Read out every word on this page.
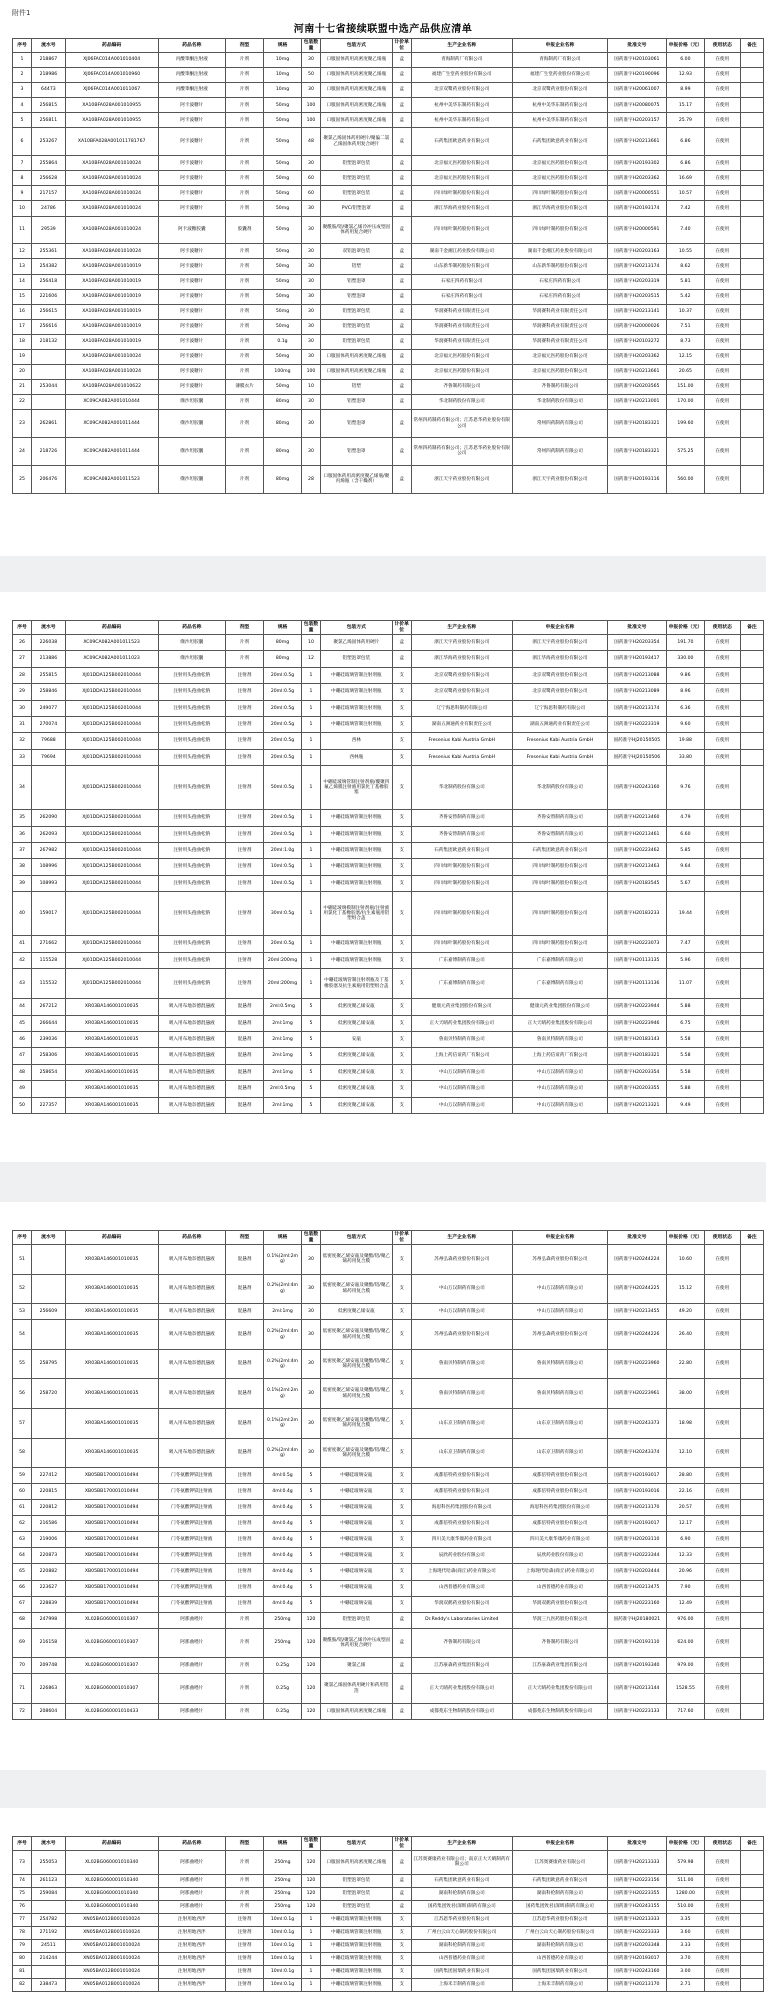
附件1
河南十七省接续联盟中选产品供应清单
序号	流水号	药品编码	药品名称	剂型	规格	包装数量	包装方式	计价单位	生产企业名称	申报企业名称	批准文号	申报价格（元）	使用状态	备注
1	218867	XJ06FAC014A001010404	丙酸睾酮注射液	片剂	10mg	30	口服固体药用高密度聚乙烯瓶	盒	青海制药厂有限公司	青海制药厂有限公司	国药准字H20103061	6.00	在使用	
2	218986	XJ06FAC014A001010960	丙酸睾酮注射液	片剂	10mg	50	口服固体药用高密度聚乙烯瓶	盒	福建广生堂药业股份有限公司	福建广生堂药业股份有限公司	国药准字H20190096	12.93	在使用	
3	64473	XJ06FAC014A001011067	丙酸睾酮注射液	片剂	10mg	30	口服固体药用高密度聚乙烯瓶	盒	北京双鹭药业股份有限公司	北京双鹭药业股份有限公司	国药准字H20061007	8.99	在使用	
4	256815	XA10BFA028A001010955	阿卡波糖片	片剂	50mg	100	口服固体药用高密度聚乙烯瓶	盒	杭州中美华东制药有限公司	杭州中美华东制药有限公司	国药准字H20080075	15.17	在使用	
5	256811	XA10BFA028A001010955	阿卡波糖片	片剂	50mg	100	口服固体药用高密度聚乙烯瓶	盒	杭州中美华东制药有限公司	杭州中美华东制药有限公司	国药准字H20203157	25.79	在使用	
6	253267	XA10BFA028A001011781767	阿卡波糖片	片剂	50mg	48	聚氯乙烯固体药用硬片/聚偏二氯乙烯固体药用复合硬片	盒	石药集团欧意药业有限公司	石药集团欧意药业有限公司	国药准字H20213661	6.86	在使用	
7	255864	XA10BFA028A001010024	阿卡波糖片	片剂	50mg	30	铝塑泡罩包装	盒	北京福元医药股份有限公司	北京福元医药股份有限公司	国药准字H20193302	6.86	在使用	
8	256628	XA10BFA028A001010024	阿卡波糖片	片剂	50mg	60	铝塑泡罩包装	盒	北京福元医药股份有限公司	北京福元医药股份有限公司	国药准字H20203362	16.69	在使用	
9	217157	XA10BFA028A001010024	阿卡波糖片	片剂	50mg	60	铝塑泡罩包装	盒	四川绿叶制药股份有限公司	四川绿叶制药股份有限公司	国药准字H20000551	10.57	在使用	
10	24786	XA10BFA028A001010024	阿卡波糖片	片剂	50mg	30	PVC/铝塑泡罩	盒	浙江华海药业股份有限公司	浙江华海药业股份有限公司	国药准字H20193174	7.42	在使用	
11	29539	XA10BFA028A001010024	阿卡波糖胶囊	胶囊剂	50mg	30	聚酰胺/铝/聚氯乙烯冷冲压成型固体药用复合硬片	盒	四川绿叶制药股份有限公司	四川绿叶制药股份有限公司	国药准字H20000591	7.40	在使用	
12	255361	XA10BFA028A001010024	阿卡波糖片	片剂	50mg	30	双铝泡罩包装	盒	湖南千金湘江药业股份有限公司	湖南千金湘江药业股份有限公司	国药准字H20203163	10.55	在使用	
13	254382	XA10BFA028A001010019	阿卡波糖片	片剂	50mg	30	铝塑	盒	山东新华制药股份有限公司	山东新华制药股份有限公司	国药准字H20213174	8.62	在使用	
14	256418	XA10BFA028A001010019	阿卡波糖片	片剂	50mg	30	铝塑泡罩	盒	石家庄四药有限公司	石家庄四药有限公司	国药准字H20203319	5.81	在使用	
15	221606	XA10BFA028A001010019	阿卡波糖片	片剂	50mg	30	铝塑泡罩	盒	石家庄四药有限公司	石家庄四药有限公司	国药准字H20203515	5.42	在使用	
16	256615	XA10BFA028A001010019	阿卡波糖片	片剂	50mg	30	铝塑泡罩包装	盒	华润赛科药业有限责任公司	华润赛科药业有限责任公司	国药准字H20213141	10.37	在使用	
17	256616	XA10BFA028A001010019	阿卡波糖片	片剂	50mg	30	铝塑泡罩包装	盒	华润赛科药业有限责任公司	华润赛科药业有限责任公司	国药准字H20000026	7.51	在使用	
18	218132	XA10BFA028A001010019	阿卡波糖片	片剂	0.1g	30	铝塑泡罩包装	盒	华润赛科药业有限责任公司	华润赛科药业有限责任公司	国药准字H20103272	8.73	在使用	
19		XA10BFA028A001010024	阿卡波糖片	片剂	50mg	30	口服固体药用高密度聚乙烯瓶	盒	北京福元医药股份有限公司	北京福元医药股份有限公司	国药准字H20203362	12.15	在使用	
20		XA10BFA028A001010024	阿卡波糖片	片剂	100mg	100	口服固体药用高密度聚乙烯瓶	盒	北京福元医药股份有限公司	北京福元医药股份有限公司	国药准字H20213661	20.65	在使用	
21	253044	XA10BFA028A001010622	阿卡波糖片	薄膜衣片	50mg	10	铝塑	盒	齐鲁制药有限公司	齐鲁制药有限公司	国药准字H20203565	151.00	在使用	
22		XC09CA082A001010444	缬沙坦胶囊	片剂	80mg	30	铝塑泡罩	盒	华北制药股份有限公司	华北制药股份有限公司	国药准字H20213001	170.00	在使用	
23	262861	XC09CA082A001011444	缬沙坦胶囊	片剂	80mg	30	铝塑泡罩	盒	常州四药制药有限公司；江苏恩华药业股份有限公司	常州四药制药有限公司	国药准字H20183321	199.60	在使用	
24	218726	XC09CA082A001011444	缬沙坦胶囊	片剂	80mg	30	铝塑泡罩	盒	常州四药制药有限公司；江苏恩华药业股份有限公司	常州四药制药有限公司	国药准字H20183321	575.25	在使用	
25	206476	XC09CA082A001011523	缬沙坦胶囊	片剂	80mg	28	口服固体药用高密度聚乙烯瓶/聚丙烯瓶（含干燥剂）	盒	浙江天宇药业股份有限公司	浙江天宇药业股份有限公司	国药准字H20193116	560.00	在使用	
序号	流水号	药品编码	药品名称	剂型	规格	包装数量	包装方式	计价单位	生产企业名称	申报企业名称	批准文号	申报价格（元）	使用状态	备注
26	226038	XC09CA082A001011523	缬沙坦胶囊	片剂	80mg	10	聚氯乙烯固体药用硬片	盒	浙江天宇药业股份有限公司	浙江天宇药业股份有限公司	国药准字H20203354	191.70	在使用	
27	213886	XC09CA082A001011023	缬沙坦胶囊	片剂	80mg	12	铝塑泡罩包装	盒	浙江华海药业股份有限公司	浙江华海药业股份有限公司	国药准字H20193417	330.00	在使用	
28	255815	XJ01DDA125B002010044	注射用头孢曲松钠	注射剂	20ml:0.5g	1	中硼硅玻璃管制注射剂瓶	支	北京双鹭药业股份有限公司	北京双鹭药业股份有限公司	国药准字H20213088	9.86	在使用	
29	258846	XJ01DDA125B002010044	注射用头孢曲松钠	注射剂	20ml:0.5g	1	中硼硅玻璃管制注射剂瓶	支	北京双鹭药业股份有限公司	北京双鹭药业股份有限公司	国药准字H20213089	8.96	在使用	
30	249077	XJ01DDA125B002010044	注射用头孢曲松钠	注射剂	20ml:0.5g	1	中硼硅玻璃管制注射剂瓶	支	辽宁海思科制药有限公司	辽宁海思科制药有限公司	国药准字H20213174	6.36	在使用	
31	270074	XJ01DDA125B002010044	注射用头孢曲松钠	注射剂	20ml:0.5g	1	中硼硅玻璃管制注射剂瓶	支	湖南五洲通药业有限责任公司	湖南五洲通药业有限责任公司	国药准字H20223319	9.60	在使用	
32	79688	XJ01DDA125B002010044	注射用头孢曲松钠	注射剂	20ml:0.5g	1	西林	支	Fresenius Kabi Austria GmbH	Fresenius Kabi Austria GmbH	国药准字HJ20150505	19.88	在使用	
33	79694	XJ01DDA125B002010044	注射用头孢曲松钠	注射剂	20ml:0.5g	1	西林瓶	支	Fresenius Kabi Austria GmbH	Fresenius Kabi Austria GmbH	国药准字HJ20150506	33.80	在使用	
34		XJ01DDA125B002010044	注射用头孢曲松钠	注射剂	50ml:0.5g	1	中硼硅玻璃管制注射剂瓶/覆聚四氟乙烯膜注射液用氯化丁基橡胶塞	支	华北制药股份有限公司	华北制药股份有限公司	国药准字H20243160	9.76	在使用	
35	262090	XJ01DDA125B002010044	注射用头孢曲松钠	注射剂	20ml:0.5g	1	中硼硅玻璃管制注射剂瓶	支	齐鲁安替制药有限公司	齐鲁安替制药有限公司	国药准字H20213460	4.79	在使用	
36	262093	XJ01DDA125B002010044	注射用头孢曲松钠	注射剂	20ml:0.5g	1	中硼硅玻璃管制注射剂瓶	支	齐鲁安替制药有限公司	齐鲁安替制药有限公司	国药准字H20213461	6.60	在使用	
37	267982	XJ01DDA125B002010044	注射用头孢曲松钠	注射剂	20ml:1.0g	1	中硼硅玻璃管制注射剂瓶	支	石药集团欧意药业有限公司	石药集团欧意药业有限公司	国药准字H20223462	5.85	在使用	
38	108996	XJ01DDA125B002010044	注射用头孢曲松钠	注射剂	10ml:0.5g	1	中硼硅玻璃管制注射剂瓶	支	四川绿叶制药股份有限公司	四川绿叶制药股份有限公司	国药准字H20213463	9.64	在使用	
39	108993	XJ01DDA125B002010044	注射用头孢曲松钠	注射剂	10ml:0.5g	1	中硼硅玻璃管制注射剂瓶	支	四川绿叶制药股份有限公司	四川绿叶制药股份有限公司	国药准字H20183545	5.67	在使用	
40	159017	XJ01DDA125B002010044	注射用头孢曲松钠	注射剂	30ml:0.5g	1	中硼硅玻璃模制注射剂瓶/注射液用氯化丁基橡胶塞/抗生素瓶用铝塑组合盖	支	四川绿叶制药股份有限公司	四川绿叶制药股份有限公司	国药准字H20183233	19.44	在使用	
41	271662	XJ01DDA125B002010044	注射用头孢曲松钠	注射剂	20ml:0.5g	1	中硼硅玻璃管制注射剂瓶	支	四川绿叶制药股份有限公司	四川绿叶制药股份有限公司	国药准字H20223073	7.47	在使用	
42	115528	XJ01DDA125B002010044	注射用头孢曲松钠	注射剂	20ml:200mg	1	中硼硅玻璃管制注射剂瓶	支	广东嘉博制药有限公司	广东嘉博制药有限公司	国药准字H20113135	5.96	在使用	
43	115532	XJ01DDA125B002010044	注射用头孢曲松钠	注射剂	20ml:200mg	1	中硼硅玻璃管制注射剂瓶及丁基橡胶塞及抗生素瓶用铝塑组合盖	支	广东嘉博制药有限公司	广东嘉博制药有限公司	国药准字H20113136	11.07	在使用	
44	267212	XR03BA146001010035	吸入用布地奈德混悬液	混悬剂	2ml:0.5mg	5	低密度聚乙烯安瓿	支	健康元药业集团股份有限公司	健康元药业集团股份有限公司	国药准字H20223944	5.88	在使用	
45	266644	XR03BA146001010035	吸入用布地奈德混悬液	混悬剂	2ml:1mg	5	低密度聚乙烯安瓿	支	正大天晴药业集团股份有限公司	正大天晴药业集团股份有限公司	国药准字H20223946	6.75	在使用	
46	239036	XR03BA146001010035	吸入用布地奈德混悬液	混悬剂	2ml:1mg	5	安瓿	支	鲁南贝特制药有限公司	鲁南贝特制药有限公司	国药准字H20183143	5.58	在使用	
47	258306	XR03BA146001010035	吸入用布地奈德混悬液	混悬剂	2ml:1mg	5	低密度聚乙烯安瓿	支	上海上药信谊药厂有限公司	上海上药信谊药厂有限公司	国药准字H20183321	5.58	在使用	
48	258654	XR03BA146001010035	吸入用布地奈德混悬液	混悬剂	2ml:1mg	5	低密度聚乙烯安瓿	支	中山万汉制药有限公司	中山万汉制药有限公司	国药准字H20203354	5.58	在使用	
49		XR03BA146001010035	吸入用布地奈德混悬液	混悬剂	2ml:0.5mg	5	低密度聚乙烯安瓿	支	中山万汉制药有限公司	中山万汉制药有限公司	国药准字H20203355	5.88	在使用	
50	227357	XR03BA146001010035	吸入用布地奈德混悬液	混悬剂	2ml:1mg	5	低密度聚乙烯安瓿	支	中山万汉制药有限公司	中山万汉制药有限公司	国药准字H20213321	9.49	在使用	
序号	流水号	药品编码	药品名称	剂型	规格	包装数量	包装方式	计价单位	生产企业名称	申报企业名称	批准文号	申报价格（元）	使用状态	备注
51		XR03BA146001010035	吸入用布地奈德混悬液	混悬剂	0.1%(2ml:2mg)	30	低密度聚乙烯安瓿及聚酯/铝/聚乙烯药用复合膜	支	苏州弘森药业股份有限公司	苏州弘森药业股份有限公司	国药准字H20244224	10.60	在使用	
52		XR03BA146001010035	吸入用布地奈德混悬液	混悬剂	0.2%(2ml:4mg)	30	低密度聚乙烯安瓿及聚酯/铝/聚乙烯药用复合膜	支	中山万汉制药有限公司	中山万汉制药有限公司	国药准字H20244225	15.12	在使用	
53	256609	XR03BA146001010035	吸入用布地奈德混悬液	混悬剂	2ml:1mg	30	低密度聚乙烯安瓿	支	中山万汉制药有限公司	中山万汉制药有限公司	国药准字H20213455	49.20	在使用	
54		XR03BA146001010035	吸入用布地奈德混悬液	混悬剂	0.2%(2ml:4mg)	30	低密度聚乙烯安瓿及聚酯/铝/聚乙烯药用复合膜	支	苏州弘森药业股份有限公司	苏州弘森药业股份有限公司	国药准字H20244226	26.40	在使用	
55	258795	XR03BA146001010035	吸入用布地奈德混悬液	混悬剂	0.2%(2ml:4mg)	30	低密度聚乙烯安瓿及聚酯/铝/聚乙烯药用复合膜	支	鲁南贝特制药有限公司	鲁南贝特制药有限公司	国药准字H20223960	22.80	在使用	
56	258720	XR03BA146001010035	吸入用布地奈德混悬液	混悬剂	0.1%(2ml:2mg)	30	低密度聚乙烯安瓿及聚酯/铝/聚乙烯药用复合膜	支	鲁南贝特制药有限公司	鲁南贝特制药有限公司	国药准字H20223961	38.00	在使用	
57		XR03BA146001010035	吸入用布地奈德混悬液	混悬剂	0.1%(2ml:2mg)	30	低密度聚乙烯安瓿及聚酯/铝/聚乙烯药用复合膜	支	山东京卫制药有限公司	山东京卫制药有限公司	国药准字H20243373	18.98	在使用	
58		XR03BA146001010035	吸入用布地奈德混悬液	混悬剂	0.2%(2ml:4mg)	30	低密度聚乙烯安瓿及聚酯/铝/聚乙烯药用复合膜	支	山东京卫制药有限公司	山东京卫制药有限公司	国药准字H20243374	12.10	在使用	
59	227412	XB05BB170001010494	门冬氨酸钾镁注射液	注射剂	4ml:0.5g	5	中硼硅玻璃安瓿	支	成都倍特药业股份有限公司	成都倍特药业股份有限公司	国药准字H20193017	28.80	在使用	
60	220815	XB05BB170001010494	门冬氨酸钾镁注射液	注射剂	4ml:0.4g	5	中硼硅玻璃安瓿	支	成都倍特药业股份有限公司	成都倍特药业股份有限公司	国药准字H20193016	22.16	在使用	
61	220812	XB05BB170001010494	门冬氨酸钾镁注射液	注射剂	4ml:0.4g	5	中硼硅玻璃安瓿	支	海思科医药集团股份有限公司	海思科医药集团股份有限公司	国药准字H20213170	20.57	在使用	
62	216586	XB05BB170001010494	门冬氨酸钾镁注射液	注射剂	4ml:0.4g	5	中硼硅玻璃安瓿	支	成都倍特药业股份有限公司	成都倍特药业股份有限公司	国药准字H20193017	12.17	在使用	
63	219006	XB05BB170001010494	门冬氨酸钾镁注射液	注射剂	4ml:0.4g	5	中硼硅玻璃安瓿	支	四川美大康华康药业有限公司	四川美大康华康药业有限公司	国药准字H20203110	6.90	在使用	
64	220873	XB05BB170001010494	门冬氨酸钾镁注射液	注射剂	4ml:0.4g	5	中硼硅玻璃安瓿	支	辰欣药业股份有限公司	辰欣药业股份有限公司	国药准字H20223344	12.33	在使用	
65	220882	XB05BB170001010494	门冬氨酸钾镁注射液	注射剂	4ml:0.4g	5	中硼硅玻璃安瓿	支	上海现代哈森(商丘)药业有限公司	上海现代哈森(商丘)药业有限公司	国药准字H20203444	20.96	在使用	
66	223627	XB05BB170001010494	门冬氨酸钾镁注射液	注射剂	4ml:0.4g	5	中硼硅玻璃安瓿	支	山西普德药业有限公司	山西普德药业有限公司	国药准字H20213475	7.90	在使用	
67	228839	XB05BB170001010494	门冬氨酸钾镁注射液	注射剂	4ml:0.4g	5	中硼硅玻璃安瓿	支	华润双鹤药业股份有限公司	华润双鹤药业股份有限公司	国药准字H20223160	12.49	在使用	
68	247998	XL02BG060001010307	阿那曲唑片	片剂	250mg	120	铝塑泡罩包装	盒	Dr.Reddy's Laboratories Limited	华润三九医药股份有限公司	国药准字HJ20180021	976.00	在使用	
69	216158	XL02BG060001010307	阿那曲唑片	片剂	250mg	120	聚酰胺/铝/聚氯乙烯冷冲压成型固体药用复合硬片	盒	齐鲁制药有限公司	齐鲁制药有限公司	国药准字H20193110	624.00	在使用	
70	209748	XL02BG060001010307	阿那曲唑片	片剂	0.25g	120	聚氯乙烯	盒	江苏豪森药业集团有限公司	江苏豪森药业集团有限公司	国药准字H20193340	979.00	在使用	
71	226863	XL02BG060001010307	阿那曲唑片	片剂	0.25g	120	聚氯乙烯固体药用硬片和药用铝箔	盒	正大天晴药业集团股份有限公司	正大天晴药业集团股份有限公司	国药准字H20213144	1528.55	在使用	
72	208604	XL02BG060001010433	阿那曲唑片	片剂	0.25g	120	口服固体药用高密度聚乙烯瓶	盒	成都苑东生物制药股份有限公司	成都苑东生物制药股份有限公司	国药准字H20223133	717.60	在使用	
序号	流水号	药品编码	药品名称	剂型	规格	包装数量	包装方式	计价单位	生产企业名称	申报企业名称	批准文号	申报价格（元）	使用状态	备注
73	255053	XL02BG060001010340	阿那曲唑片	片剂	250mg	120	口服固体药用高密度聚乙烯瓶	盒	江苏奥赛康药业有限公司；南京正大天晴制药有限公司	江苏奥赛康药业有限公司	国药准字H20213333	579.98	在使用	
74	261123	XL02BG060001010340	阿那曲唑片	片剂	250mg	120	铝塑泡罩包装	盒	石药集团欧意药业有限公司	石药集团欧意药业有限公司	国药准字H20223156	511.00	在使用	
75	259084	XL02BG060001010340	阿那曲唑片	片剂	250mg	120	铝塑泡罩包装	盒	湖南科伦制药有限公司	湖南科伦制药有限公司	国药准字H20223355	1280.00	在使用	
76		XL02BG060001010340	阿那曲唑片	片剂	250mg	120	铝塑泡罩包装	盒	国药集团致君(深圳)制药有限公司	国药集团致君(深圳)制药有限公司	国药准字H20243155	510.00	在使用	
77	254782	XN05BA012B001010024	注射用地西泮	注射剂	10ml:0.1g	1	中硼硅玻璃管制注射剂瓶	支	江苏恩华药业股份有限公司	江苏恩华药业股份有限公司	国药准字H20213333	3.35	在使用	
78	271192	XN05BA012B001010024	注射用地西泮	注射剂	10ml:0.1g	1	中硼硅玻璃管制注射剂瓶	支	广州白云山天心制药股份有限公司	广州白云山天心制药股份有限公司	国药准字H20223333	3.60	在使用	
79	24511	XN05BA012B001010024	注射用地西泮	注射剂	10ml:0.1g	1	中硼硅玻璃管制注射剂瓶	支	湖南科伦制药有限公司	湖南科伦制药有限公司	国药准字H20203348	3.33	在使用	
80	214244	XN05BA012B001010024	注射用地西泮	注射剂	10ml:0.1g	1	中硼硅玻璃管制注射剂瓶	支	山西普德药业有限公司	山西普德药业有限公司	国药准字H20193017	3.70	在使用	
81		XN05BA012B001010024	注射用地西泮	注射剂	10ml:0.1g	1	中硼硅玻璃管制注射剂瓶	支	国药集团国瑞药业有限公司	国药集团国瑞药业有限公司	国药准字H20243160	3.00	在使用	
82	238473	XN05BA012B001010024	注射用地西泮	注射剂	10ml:0.1g	1	中硼硅玻璃管制注射剂瓶	支	上海禾丰制药有限公司	上海禾丰制药有限公司	国药准字H20213170	2.71	在使用	
